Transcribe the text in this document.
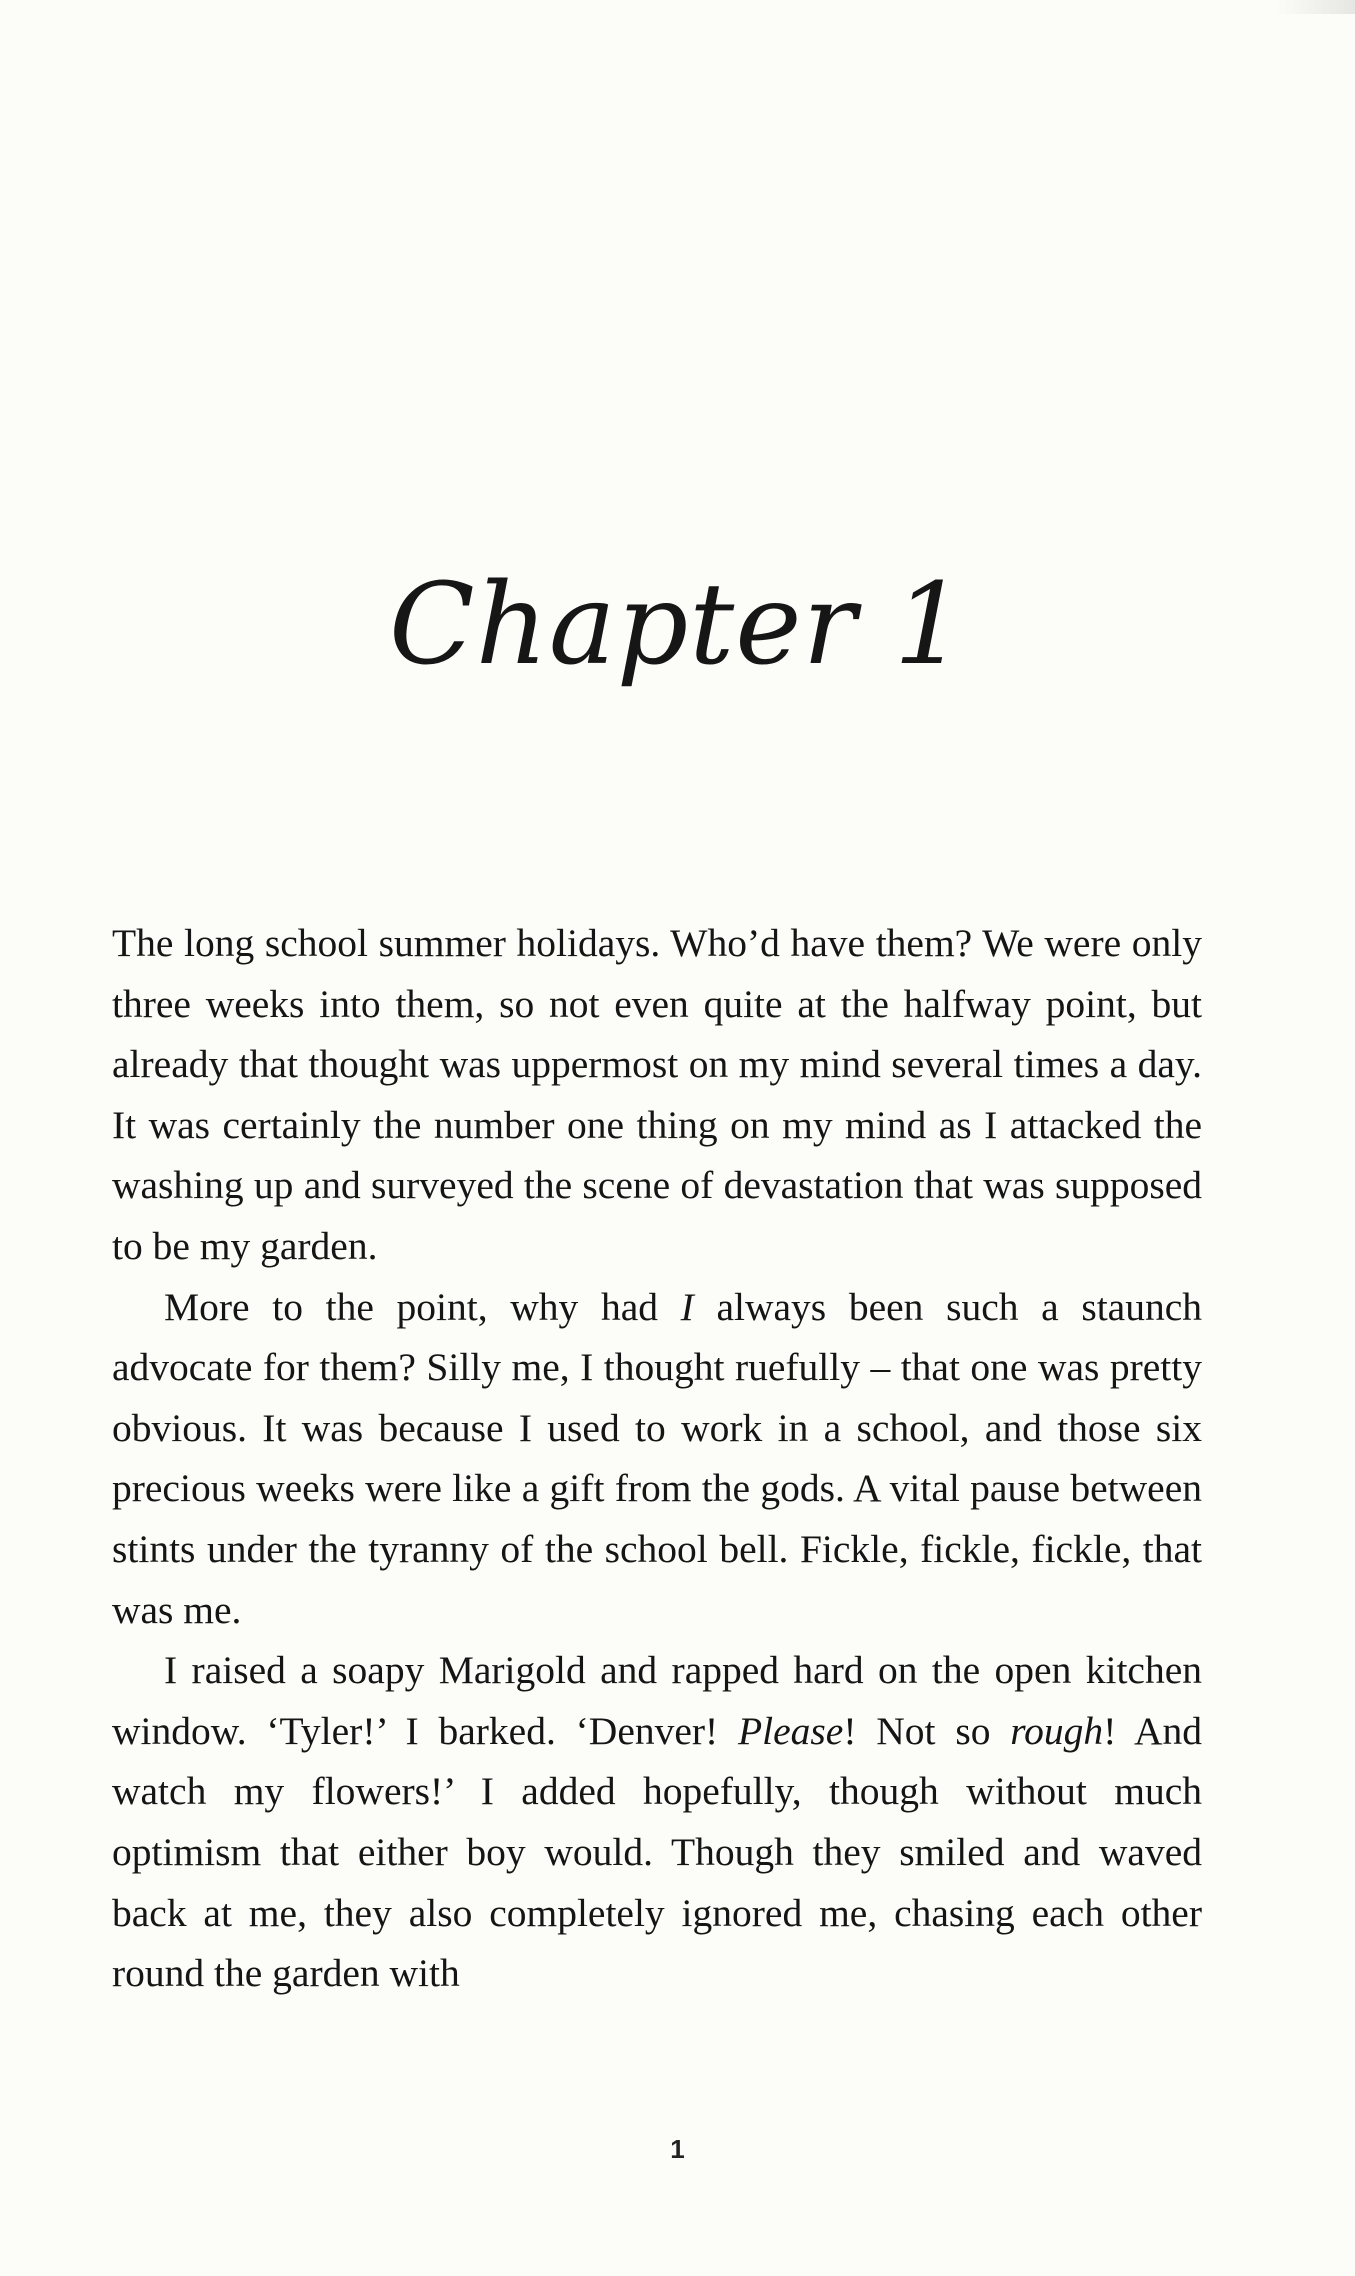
Chapter 1

The long school summer holidays. Who’d have them? We were only three weeks into them, so not even quite at the halfway point, but already that thought was uppermost on my mind several times a day. It was certainly the number one thing on my mind as I attacked the washing up and surveyed the scene of devastation that was supposed to be my garden.

More to the point, why had I always been such a staunch advocate for them? Silly me, I thought ruefully – that one was pretty obvious. It was because I used to work in a school, and those six precious weeks were like a gift from the gods. A vital pause between stints under the tyranny of the school bell. Fickle, fickle, fickle, that was me.

I raised a soapy Marigold and rapped hard on the open kitchen window. ‘Tyler!’ I barked. ‘Denver! Please! Not so rough! And watch my flowers!’ I added hopefully, though without much optimism that either boy would. Though they smiled and waved back at me, they also completely ignored me, chasing each other round the garden with

1
